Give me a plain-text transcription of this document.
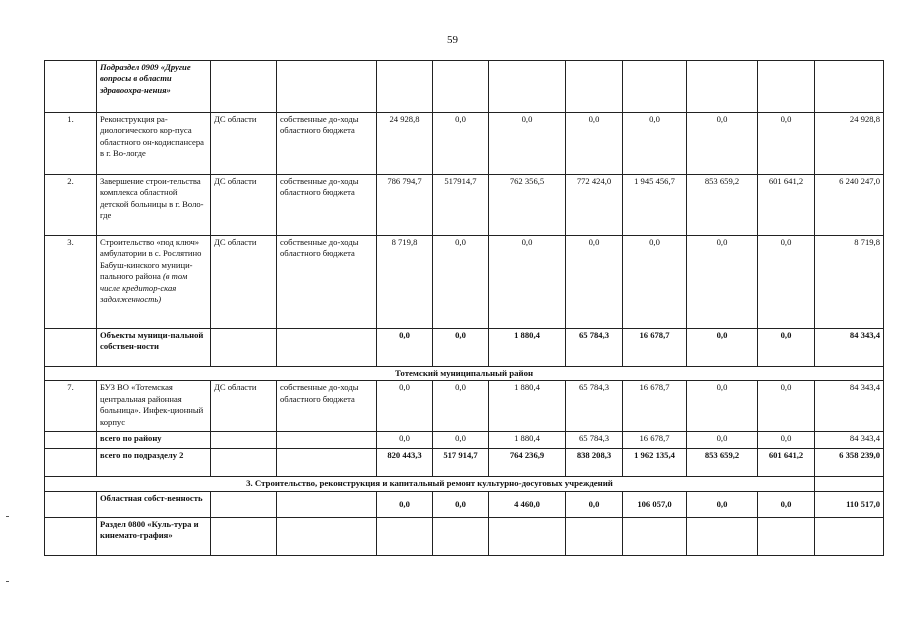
59
	Подраздел 0909 «Другие вопросы в области здравоохра-нения»										
1.	Реконструкция ра-диологического кор-пуса областного он-кодиспансера в г. Во-логде	ДС области	собственные до-ходы областного бюджета	24 928,8	0,0	0,0	0,0	0,0	0,0	0,0	24 928,8
2.	Завершение строи-тельства комплекса областной детской больницы в г. Воло-где	ДС области	собственные до-ходы областного бюджета	786 794,7	517914,7	762 356,5	772 424,0	1 945 456,7	853 659,2	601 641,2	6 240 247,0
3.	Строительство «под ключ» амбулатории в с. Рослятино Бабуш-кинского муници-пального района (в том числе кредитор-ская задолженность)	ДС области	собственные до-ходы областного бюджета	8 719,8	0,0	0,0	0,0	0,0	0,0	0,0	8 719,8
	Объекты муници-пальной собствен-ности			0,0	0,0	1 880,4	65 784,3	16 678,7	0,0	0,0	84 343,4
Тотемский муниципальный район											
7.	БУЗ ВО «Тотемская центральная районная больница». Инфек-ционный корпус	ДС области	собственные до-ходы областного бюджета	0,0	0,0	1 880,4	65 784,3	16 678,7	0,0	0,0	84 343,4
	всего по району			0,0	0,0	1 880,4	65 784,3	16 678,7	0,0	0,0	84 343,4
	всего по подразделу 2			820 443,3	517 914,7	764 236,9	838 208,3	1 962 135,4	853 659,2	601 641,2	6 358 239,0
3. Строительство, реконструкция и капитальный ремонт культурно-досуговых учреждений											
	Областная собст-венность			0,0	0,0	4 460,0	0,0	106 057,0	0,0	0,0	110 517,0
	Раздел 0800 «Куль-тура и кинемато-графия»										
